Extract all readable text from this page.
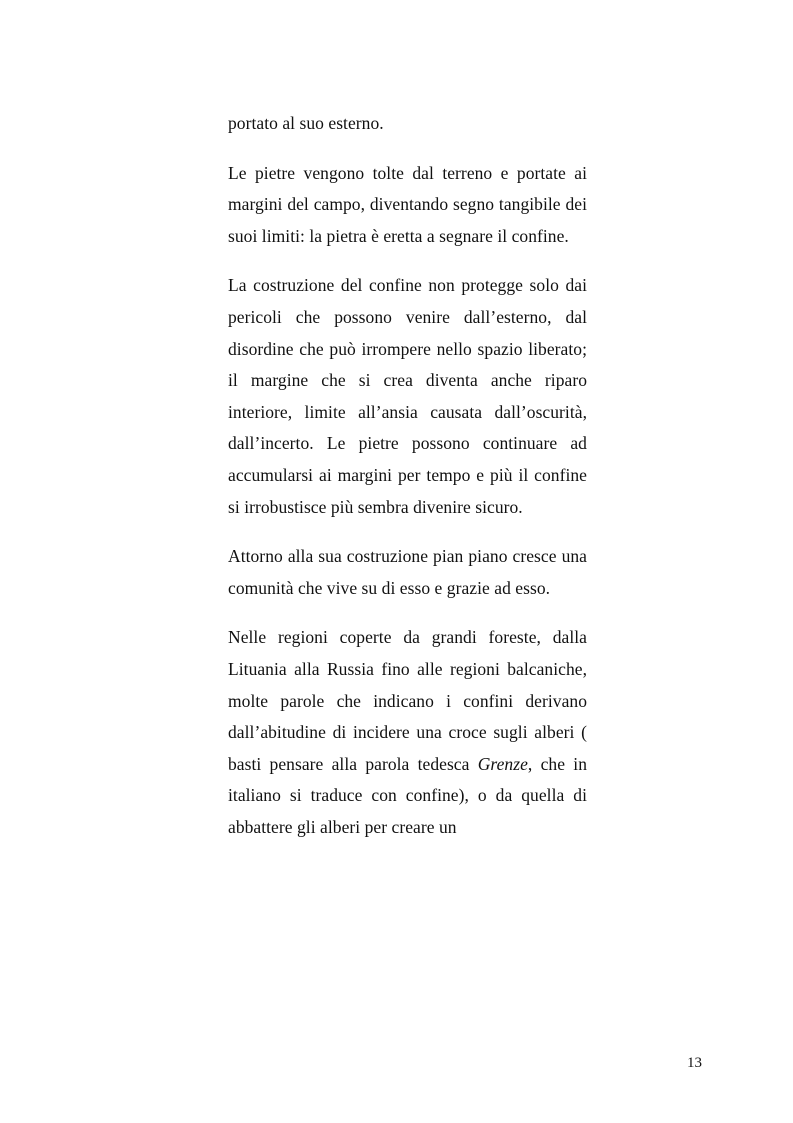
portato al suo esterno.

Le pietre vengono tolte dal terreno e portate ai margini del campo, diventando segno tangibile dei suoi limiti: la pietra è eretta a segnare il confine.

La costruzione del confine non protegge solo dai pericoli che possono venire dall’esterno, dal disordine che può irrompere nello spazio liberato; il margine che si crea diventa anche riparo interiore, limite all’ansia causata dall’oscurità, dall’incerto. Le pietre possono continuare ad accumularsi ai margini per tempo e più il confine si irrobustisce più sembra divenire sicuro.

Attorno alla sua costruzione pian piano cresce una comunità che vive su di esso e grazie ad esso.

Nelle regioni coperte da grandi foreste, dalla Lituania alla Russia fino alle regioni balcaniche, molte parole che indicano i confini derivano dall’abitudine di incidere una croce sugli alberi ( basti pensare alla parola tedesca Grenze, che in italiano si traduce con confine), o da quella di abbattere gli alberi per creare un

13
